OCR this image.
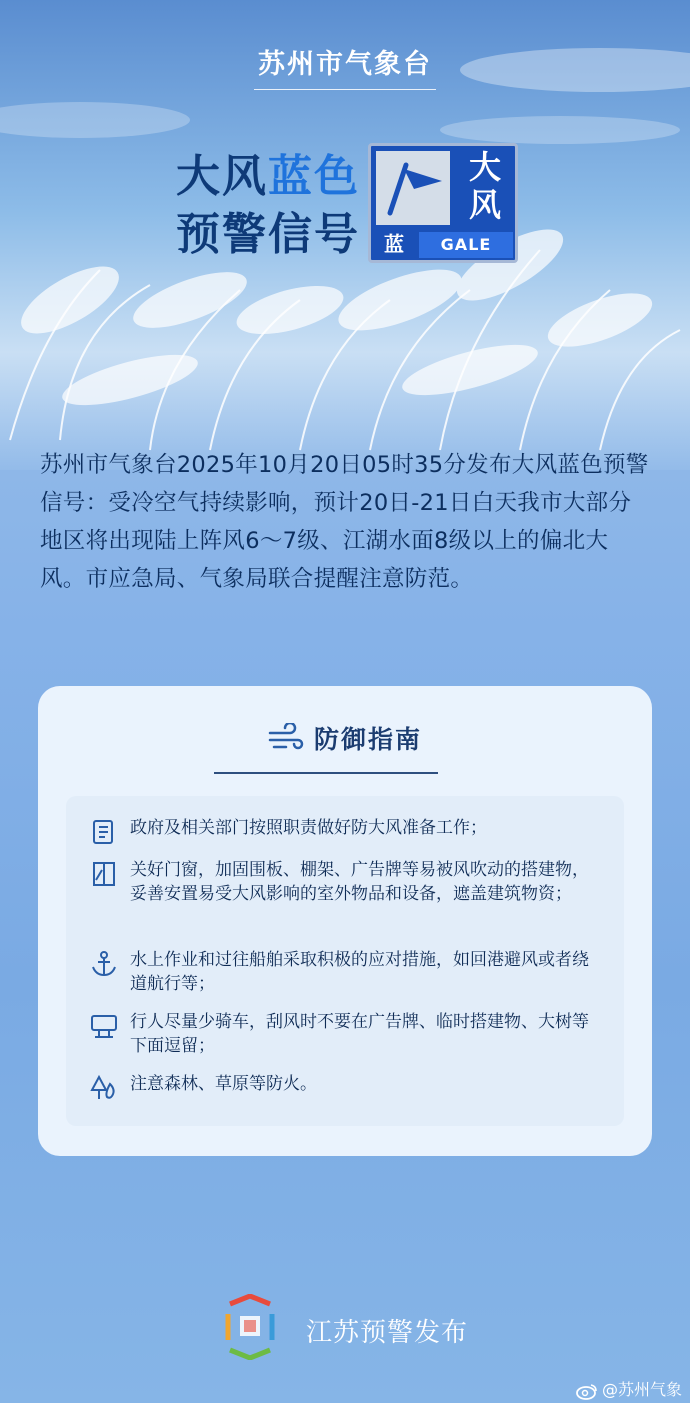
苏州市气象台
大风蓝色
预警信号
大
风
蓝	GALE

苏州市气象台2025年10月20日05时35分发布大风蓝色预警信号：受冷空气持续影响，预计20日-21日白天我市大部分地区将出现陆上阵风6～7级、江湖水面8级以上的偏北大风。市应急局、气象局联合提醒注意防范。

防御指南
政府及相关部门按照职责做好防大风准备工作；
关好门窗，加固围板、棚架、广告牌等易被风吹动的搭建物，妥善安置易受大风影响的室外物品和设备，遮盖建筑物资；
水上作业和过往船舶采取积极的应对措施，如回港避风或者绕道航行等；
行人尽量少骑车，刮风时不要在广告牌、临时搭建物、大树等下面逗留；
注意森林、草原等防火。
江苏预警发布
@苏州气象
